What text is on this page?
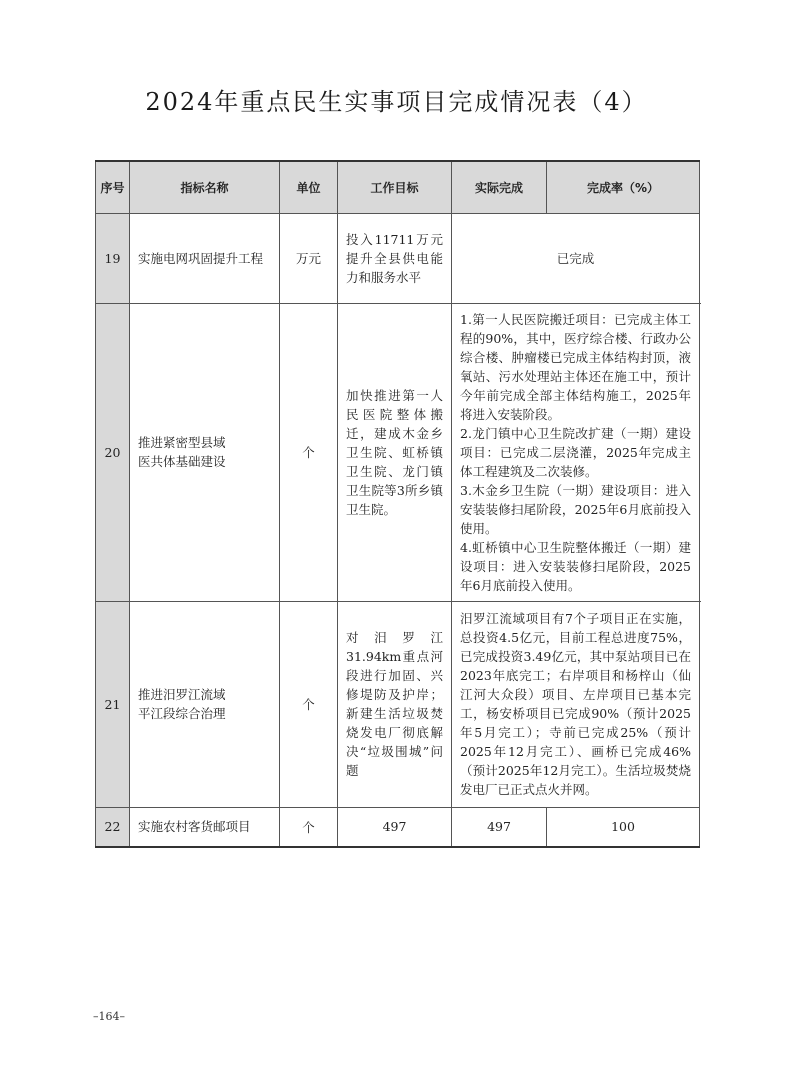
2024年重点民生实事项目完成情况表（4）
序号	指标名称	单位	工作目标	实际完成	完成率（%）
19	实施电网巩固提升工程	万元	投入11711万元提升全县供电能力和服务水平	已完成	
20	推进紧密型县域
医共体基础建设	个	加快推进第一人民医院整体搬迁，建成木金乡卫生院、虹桥镇卫生院、龙门镇卫生院等3所乡镇卫生院。	1.第一人民医院搬迁项目：已完成主体工程的90%，其中，医疗综合楼、行政办公综合楼、肿瘤楼已完成主体结构封顶，液氧站、污水处理站主体还在施工中，预计今年前完成全部主体结构施工，2025年将进入安装阶段。
2.龙门镇中心卫生院改扩建（一期）建设项目：已完成二层浇灌，2025年完成主体工程建筑及二次装修。
3.木金乡卫生院（一期）建设项目：进入安装装修扫尾阶段，2025年6月底前投入使用。
4.虹桥镇中心卫生院整体搬迁（一期）建设项目：进入安装装修扫尾阶段，2025年6月底前投入使用。	

21	推进汨罗江流域
平江段综合治理	个	对汨罗江31.94km重点河段进行加固、兴修堤防及护岸；新建生活垃圾焚烧发电厂彻底解决“垃圾围城”问题	汨罗江流域项目有7个子项目正在实施，总投资4.5亿元，目前工程总进度75%，已完成投资3.49亿元，其中泵站项目已在2023年底完工；右岸项目和杨梓山（仙江河大众段）项目、左岸项目已基本完工，杨安桥项目已完成90%（预计2025年5月完工）；寺前已完成25%（预计2025年12月完工）、画桥已完成46%（预计2025年12月完工）。生活垃圾焚烧发电厂已正式点火并网。	
22	实施农村客货邮项目	个	497	497	100
–164–
